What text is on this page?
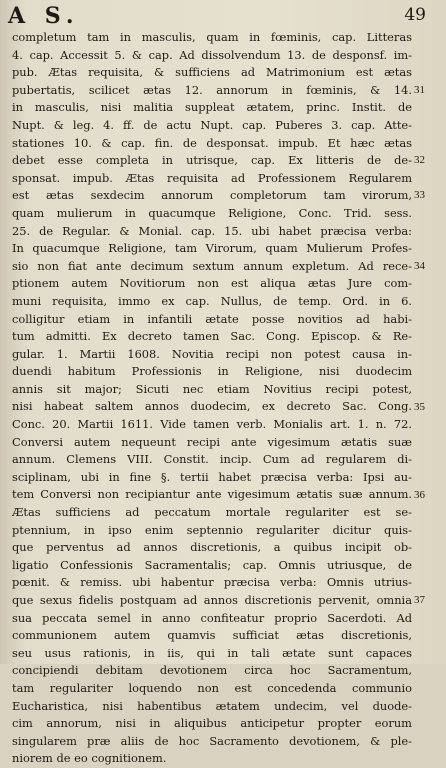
A S.	49
completum tam in masculis, quam in fœminis, cap. Litteras
4. cap. Accessit 5. & cap. Ad dissolvendum 13. de desponsf. im-
pub. Ætas requisita, & sufficiens ad Matrimonium est ætas
pubertatis, scilicet ætas 12. annorum in fœminis, & 14.
in masculis, nisi malitia suppleat ætatem, princ. Instit. de
Nupt. & leg. 4. ff. de actu Nupt. cap. Puberes 3. cap. Atte-
stationes 10. & cap. fin. de desponsat. impub. Et hæc ætas
debet esse completa in utrisque, cap. Ex litteris de de-
sponsat. impub. Ætas requisita ad Professionem Regularem
est ætas sexdecim annorum completorum tam virorum,
quam mulierum in quacumque Religione, Conc. Trid. sess.
25. de Regular. & Monial. cap. 15. ubi habet præcisa verba:
In quacumque Religione, tam Virorum, quam Mulierum Profes-
sio non fiat ante decimum sextum annum expletum. Ad rece-
ptionem autem Novitiorum non est aliqua ætas Jure com-
muni requisita, immo ex cap. Nullus, de temp. Ord. in 6.
colligitur etiam in infantili ætate posse novitios ad habi-
tum admitti. Ex decreto tamen Sac. Cong. Episcop. & Re-
gular. 1. Martii 1608. Novitia recipi non potest causa in-
duendi habitum Professionis in Religione, nisi duodecim
annis sit major; Sicuti nec etiam Novitius recipi potest,
nisi habeat saltem annos duodecim, ex decreto Sac. Cong.
Conc. 20. Martii 1611. Vide tamen verb. Monialis art. 1. n. 72.
Conversi autem nequeunt recipi ante vigesimum ætatis suæ
annum. Clemens VIII. Constit. incip. Cum ad regularem di-
sciplinam, ubi in fine §. tertii habet præcisa verba: Ipsi au-
tem Conversi non recipiantur ante vigesimum ætatis suæ annum.
Ætas sufficiens ad peccatum mortale regulariter est se-
ptennium, in ipso enim septennio regulariter dicitur quis-
que perventus ad annos discretionis, a quibus incipit ob-
ligatio Confessionis Sacramentalis; cap. Omnis utriusque, de
pœnit. & remiss. ubi habentur præcisa verba: Omnis utrius-
que sexus fidelis postquam ad annos discretionis pervenit, omnia
sua peccata semel in anno confiteatur proprio Sacerdoti. Ad
communionem autem quamvis sufficiat ætas discretionis,
seu usus rationis, in iis, qui in tali ætate sunt capaces
concipiendi debitam devotionem circa hoc Sacramentum,
tam regulariter loquendo non est concedenda communio
Eucharistica, nisi habentibus ætatem undecim, vel duode-
cim annorum, nisi in aliquibus anticipetur propter eorum
singularem præ aliis de hoc Sacramento devotionem, & ple-
niorem de eo cognitionem.
31
32
33
34
35
36
37
